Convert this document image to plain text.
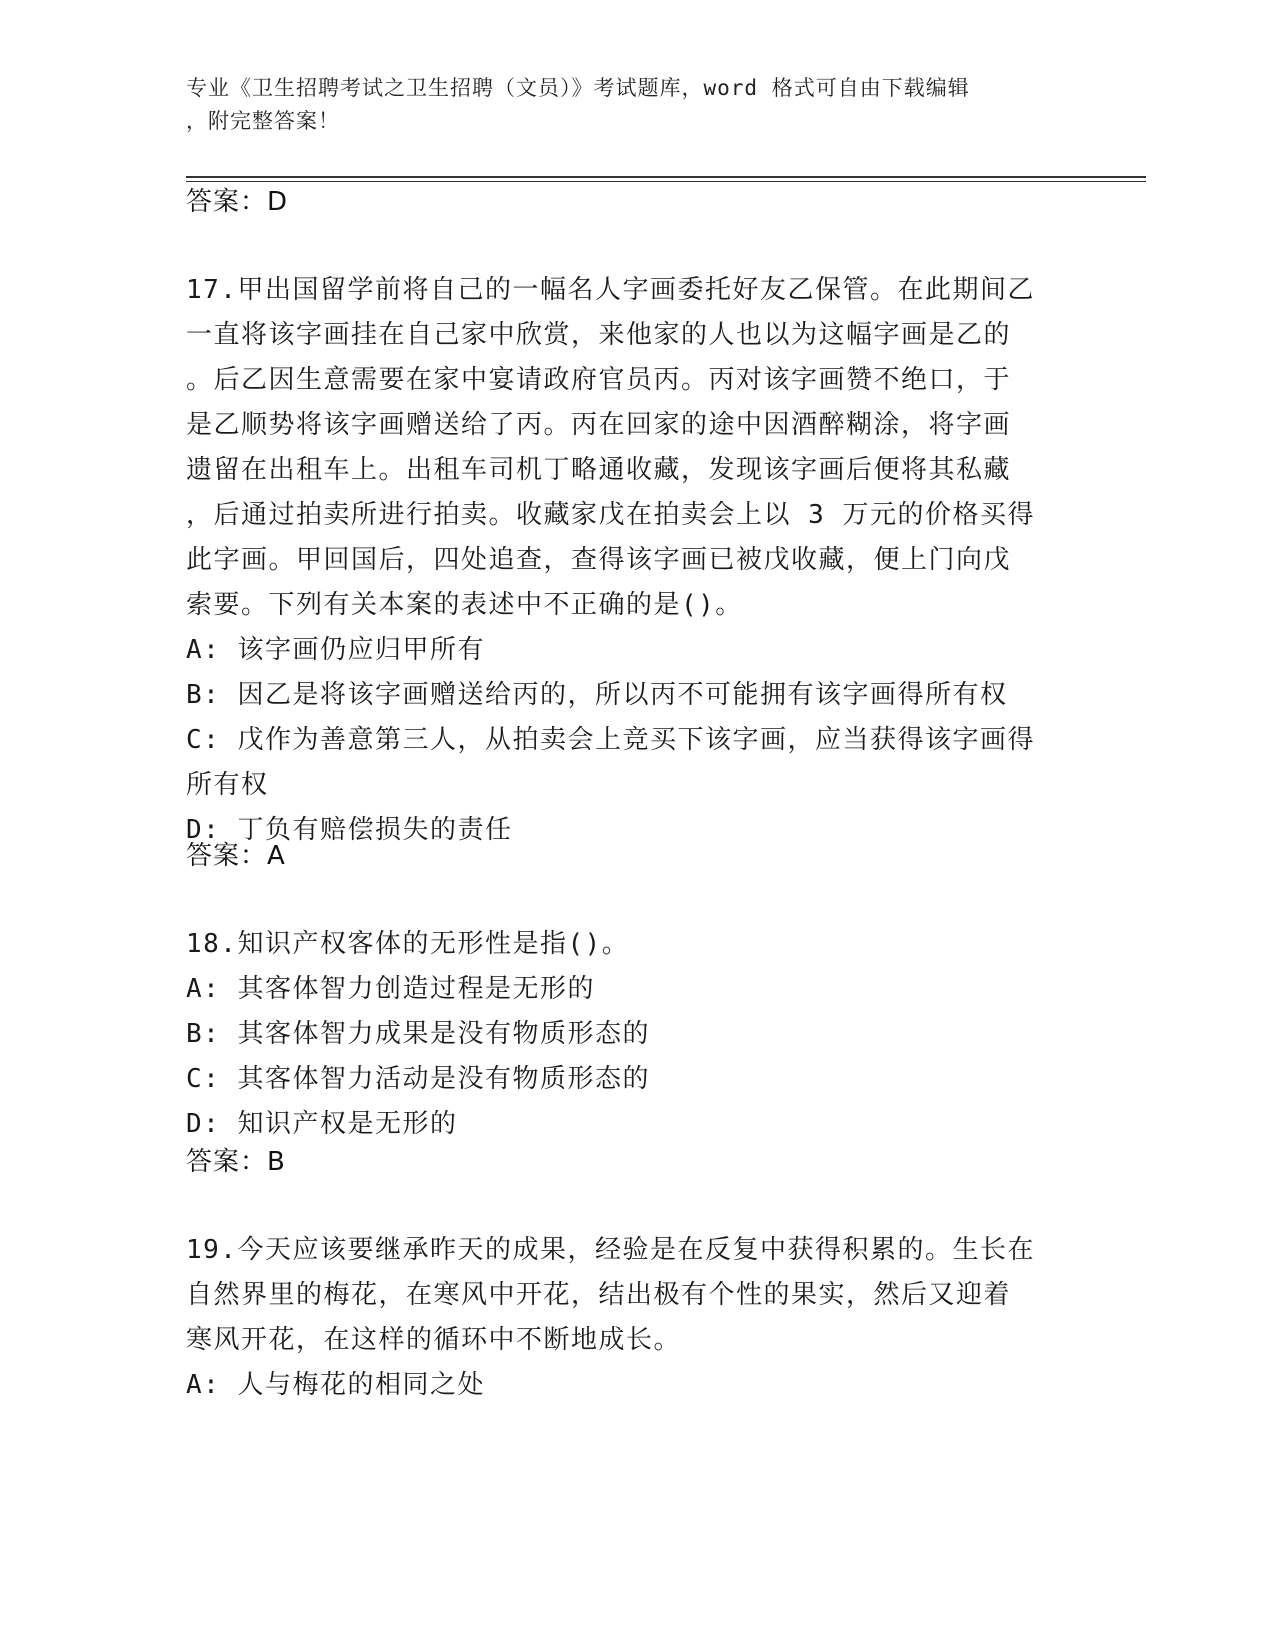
专业《卫生招聘考试之卫生招聘（文员）》考试题库，word 格式可自由下载编辑
，附完整答案！
答案：D
17.甲出国留学前将自己的一幅名人字画委托好友乙保管。在此期间乙
一直将该字画挂在自己家中欣赏，来他家的人也以为这幅字画是乙的
。后乙因生意需要在家中宴请政府官员丙。丙对该字画赞不绝口，于
是乙顺势将该字画赠送给了丙。丙在回家的途中因酒醉糊涂，将字画
遗留在出租车上。出租车司机丁略通收藏，发现该字画后便将其私藏
，后通过拍卖所进行拍卖。收藏家戊在拍卖会上以 3 万元的价格买得
此字画。甲回国后，四处追查，查得该字画已被戊收藏，便上门向戊
索要。下列有关本案的表述中不正确的是()。
A: 该字画仍应归甲所有
B: 因乙是将该字画赠送给丙的，所以丙不可能拥有该字画得所有权
C: 戊作为善意第三人，从拍卖会上竞买下该字画，应当获得该字画得
所有权
D: 丁负有赔偿损失的责任
答案：A
18.知识产权客体的无形性是指()。
A: 其客体智力创造过程是无形的
B: 其客体智力成果是没有物质形态的
C: 其客体智力活动是没有物质形态的
D: 知识产权是无形的
答案：B
19.今天应该要继承昨天的成果，经验是在反复中获得积累的。生长在
自然界里的梅花，在寒风中开花，结出极有个性的果实，然后又迎着
寒风开花，在这样的循环中不断地成长。
A: 人与梅花的相同之处
